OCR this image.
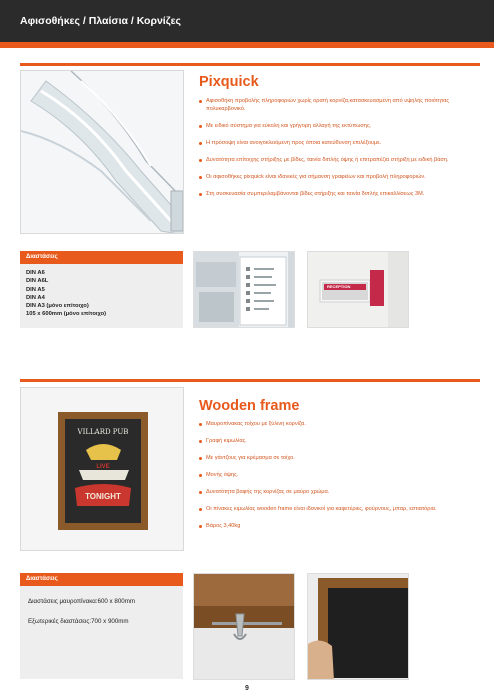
Αφισοθήκες / Πλαίσια / Κορνίζες
Pixquick
Αφισοθήκη προβολής πληροφοριών χωρίς ορατή κορνίζα,κατασκευασμένη από υψηλής ποιότητας πολυκαρβονικό.
Με ειδικό σύστημα για εύκολη και γρήγορη αλλαγή της εκτύπωσης.
Η πρόσοψη είναι ανοιγοκλειόμενη προς όποια κατεύθυνση επιλέξουμε.
Δυνατότητα επίτοιχης στήριξης με βίδες, ταινία διπλής όψης ή επιτραπέζια στήριξη με ειδική βάση.
Οι αφισοθήκες pixquick είναι ιδανικές για σήμανση γραφείων και προβολή πληροφοριών.
Στη συσκευασία συμπεριλαμβάνονται βίδες στήριξης και ταινία διπλής επικαλλίσεως 3M.
Διαστάσεις
DIN A6
DIN A6L
DIN A5
DIN A4
DIN A3 (μόνο επίτοιχο)
105 x 600mm (μόνο επίτοιχο)
RECEPTION
VILLARD PUB
LIVE
TONIGHT
Wooden frame
Μαυροπίνακας τοίχου με ξύλινη κορνίζα.
Γραφή κιμωλίας.
Με γάντζους για κρέμασμα σε τοίχο.
Μονής όψης.
Δυνατότητα βαφής της κορνίζας σε μαύρο χρώμα.
Οι πίνακες κιμωλίας wooden frame είναι ιδανικοί για καφετέριες, φούρνους, μπαρ, εστιατόρια.
Βάρος 3,40kg
Διαστάσεις
Διαστάσεις μαυροπίνακα:600 x 800mm
Εξωτερικές διαστάσεις:700 x 900mm
9
